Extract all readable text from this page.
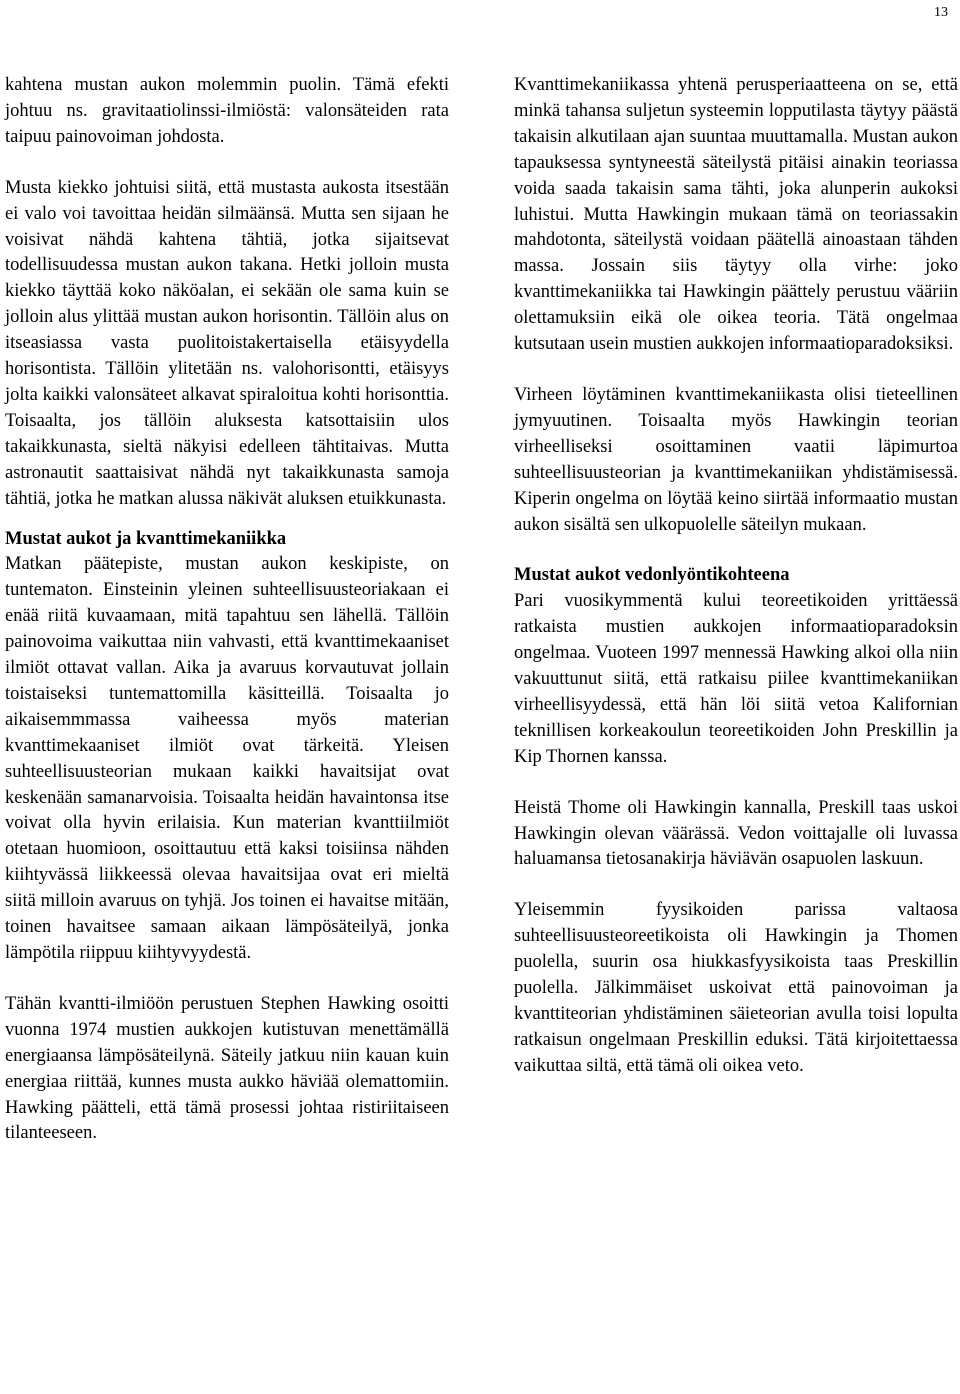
13

kahtena mustan aukon molemmin puolin. Tämä efekti johtuu ns. gravitaatiolinssi-ilmiöstä: valonsäteiden rata taipuu painovoiman johdosta.

Musta kiekko johtuisi siitä, että mustasta aukosta itsestään ei valo voi tavoittaa heidän silmäänsä. Mutta sen sijaan he voisivat nähdä kahtena tähtiä, jotka sijaitsevat todellisuudessa mustan aukon takana. Hetki jolloin musta kiekko täyttää koko näköalan, ei sekään ole sama kuin se jolloin alus ylittää mustan aukon horisontin. Tällöin alus on itseasiassa vasta puolitoistakertaisella etäisyydella horisontista. Tällöin ylitetään ns. valohorisontti, etäisyys jolta kaikki valonsäteet alkavat spiraloitua kohti horisonttia. Toisaalta, jos tällöin aluksesta katsottaisiin ulos takaikkunasta, sieltä näkyisi edelleen tähtitaivas. Mutta astronautit saattaisivat nähdä nyt takaikkunasta samoja tähtiä, jotka he matkan alussa näkivät aluksen etuikkunasta.

Mustat aukot ja kvanttimekaniikka

Matkan päätepiste, mustan aukon keskipiste, on tuntematon. Einsteinin yleinen suhteellisuusteoriakaan ei enää riitä kuvaamaan, mitä tapahtuu sen lähellä. Tällöin painovoima vaikuttaa niin vahvasti, että kvanttimekaaniset ilmiöt ottavat vallan. Aika ja avaruus korvautuvat jollain toistaiseksi tuntemattomilla käsitteillä. Toisaalta jo aikaisemmmassa vaiheessa myös materian kvanttimekaaniset ilmiöt ovat tärkeitä. Yleisen suhteellisuusteorian mukaan kaikki havaitsijat ovat keskenään samanarvoisia. Toisaalta heidän havaintonsa itse voivat olla hyvin erilaisia. Kun materian kvanttiilmiöt otetaan huomioon, osoittautuu että kaksi toisiinsa nähden kiihtyvässä liikkeessä olevaa havaitsijaa ovat eri mieltä siitä milloin avaruus on tyhjä. Jos toinen ei havaitse mitään, toinen havaitsee samaan aikaan lämpösäteilyä, jonka lämpötila riippuu kiihtyvyydestä.

Tähän kvantti-ilmiöön perustuen Stephen Hawking osoitti vuonna 1974 mustien aukkojen kutistuvan menettämällä energiaansa lämpösäteilynä. Säteily jatkuu niin kauan kuin energiaa riittää, kunnes musta aukko häviää olemattomiin. Hawking päätteli, että tämä prosessi johtaa ristiriitaiseen tilanteeseen.

Kvanttimekaniikassa yhtenä perusperiaatteena on se, että minkä tahansa suljetun systeemin lopputilasta täytyy päästä takaisin alkutilaan ajan suuntaa muuttamalla. Mustan aukon tapauksessa syntyneestä säteilystä pitäisi ainakin teoriassa voida saada takaisin sama tähti, joka alunperin aukoksi luhistui. Mutta Hawkingin mukaan tämä on teoriassakin mahdotonta, säteilystä voidaan päätellä ainoastaan tähden massa. Jossain siis täytyy olla virhe: joko kvanttimekaniikka tai Hawkingin päättely perustuu vääriin olettamuksiin eikä ole oikea teoria. Tätä ongelmaa kutsutaan usein mustien aukkojen informaatioparadoksiksi.

Virheen löytäminen kvanttimekaniikasta olisi tieteellinen jymyuutinen. Toisaalta myös Hawkingin teorian virheelliseksi osoittaminen vaatii läpimurtoa suhteellisuusteorian ja kvanttimekaniikan yhdistämisessä. Kiperin ongelma on löytää keino siirtää informaatio mustan aukon sisältä sen ulkopuolelle säteilyn mukaan.

Mustat aukot vedonlyöntikohteena

Pari vuosikymmentä kului teoreetikoiden yrittäessä ratkaista mustien aukkojen informaatioparadoksin ongelmaa. Vuoteen 1997 mennessä Hawking alkoi olla niin vakuuttunut siitä, että ratkaisu piilee kvanttimekaniikan virheellisyydessä, että hän löi siitä vetoa Kalifornian teknillisen korkeakoulun teoreetikoiden John Preskillin ja Kip Thornen kanssa.

Heistä Thome oli Hawkingin kannalla, Preskill taas uskoi Hawkingin olevan väärässä. Vedon voittajalle oli luvassa haluamansa tietosanakirja häviävän osapuolen laskuun.

Yleisemmin fyysikoiden parissa valtaosa suhteellisuusteoreetikoista oli Hawkingin ja Thomen puolella, suurin osa hiukkasfyysikoista taas Preskillin puolella. Jälkimmäiset uskoivat että painovoiman ja kvanttiteorian yhdistäminen säieteorian avulla toisi lopulta ratkaisun ongelmaan Preskillin eduksi. Tätä kirjoitettaessa vaikuttaa siltä, että tämä oli oikea veto.
